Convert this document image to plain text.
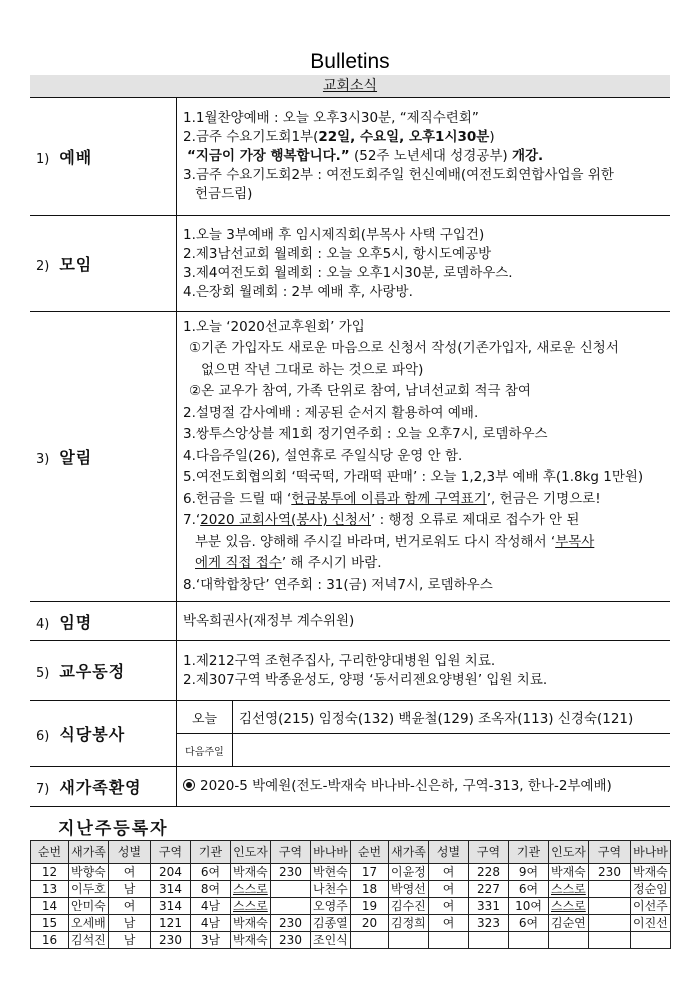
Bulletins
교회소식
1) 예배	
1.1월찬양예배 : 오늘 오후3시30분, “제직수련회”
2.금주 수요기도회1부(22일, 수요일, 오후1시30분)
“지금이 가장 행복합니다.” (52주 노년세대 성경공부) 개강.
3.금주 수요기도회2부 : 여전도회주일 헌신예배(여전도회연합사업을 위한
헌금드림)

2) 모임	
1.오늘 3부예배 후 임시제직회(부목사 사택 구입건)
2.제3남선교회 월례회 : 오늘 오후5시, 항시도예공방
3.제4여전도회 월례회 : 오늘 오후1시30분, 로뎀하우스.
4.은장회 월례회 : 2부 예배 후, 사랑방.

3) 알림	
1.오늘 ‘2020선교후원회’ 가입
①기존 가입자도 새로운 마음으로 신청서 작성(기존가입자, 새로운 신청서
없으면 작년 그대로 하는 것으로 파악)
②온 교우가 참여, 가족 단위로 참여, 남녀선교회 적극 참여
2.설명절 감사예배 : 제공된 순서지 활용하여 예배.
3.쌍투스앙상블 제1회 정기연주회 : 오늘 오후7시, 로뎀하우스
4.다음주일(26), 설연휴로 주일식당 운영 안 함.
5.여전도회협의회 ‘떡국떡, 가래떡 판매’ : 오늘 1,2,3부 예배 후(1.8kg 1만원)
6.헌금을 드릴 때 ‘헌금봉투에 이름과 함께 구역표기’, 헌금은 기명으로!
7.‘2020 교회사역(봉사) 신청서’ : 행정 오류로 제대로 접수가 안 된
부분 있음. 양해해 주시길 바라며, 번거로워도 다시 작성해서 ‘부목사
에게 직접 접수’ 해 주시기 바람.
8.‘대학합창단’ 연주회 : 31(금) 저녁7시, 로뎀하우스

4) 임명	박옥희권사(재정부 계수위원)

5) 교우동정	
1.제212구역 조현주집사, 구리한양대병원 입원 치료.
2.제307구역 박종윤성도, 양평 ‘동서리젠요양병원’ 입원 치료.

6) 식당봉사	
오늘	김선영(215) 임정숙(132) 백윤철(129) 조옥자(113) 신경숙(121)
다음주일	

7) 새가족환영	2020-5 박예원(전도-박재숙 바나바-신은하, 구역-313, 한나-2부예배)
지난주등록자
순번	새가족	성별	구역	기관	인도자	구역	바나바	순번	새가족	성별	구역	기관	인도자	구역	바나바
12	박향숙	여	204	6여	박재숙	230	박현숙	17	이윤정	여	228	9여	박재숙	230	박재숙
13	이두호	남	314	8여	스스로		나천수	18	박영선	여	227	6여	스스로		정순임
14	안미숙	여	314	4남	스스로		오영주	19	김수진	여	331	10여	스스로		이선주
15	오세배	남	121	4남	박재숙	230	김종열	20	김정희	여	323	6여	김순연		이진선
16	김석진	남	230	3남	박재숙	230	조인식								
